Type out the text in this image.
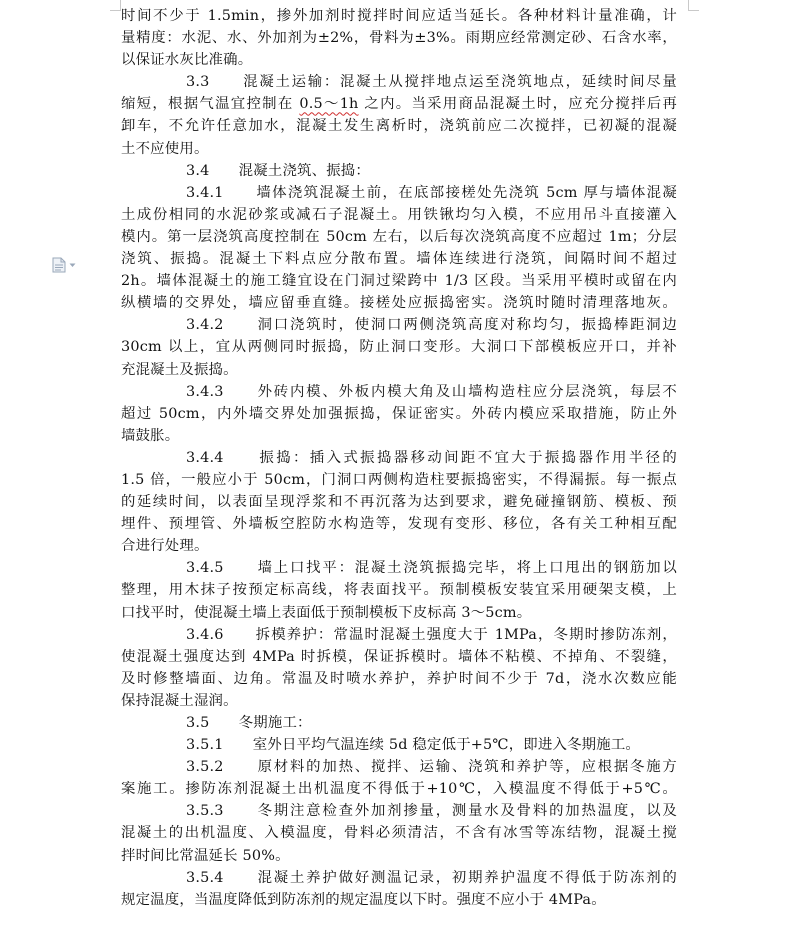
时间不少于 1.5min，掺外加剂时搅拌时间应适当延长。各种材料计量准确，计
量精度：水泥、水、外加剂为±2%，骨料为±3%。雨期应经常测定砂、石含水率，
以保证水灰比准确。
3.3　　混凝土运输：混凝土从搅拌地点运至浇筑地点，延续时间尽量
缩短，根据气温宜控制在 0.5～1h 之内。当采用商品混凝土时，应充分搅拌后再
卸车，不允许任意加水，混凝土发生离析时，浇筑前应二次搅拌，已初凝的混凝
土不应使用。
3.4　　混凝土浇筑、振捣：
3.4.1　　墙体浇筑混凝土前，在底部接槎处先浇筑 5cm 厚与墙体混凝
土成份相同的水泥砂浆或减石子混凝土。用铁锹均匀入模，不应用吊斗直接灌入
模内。第一层浇筑高度控制在 50cm 左右，以后每次浇筑高度不应超过 1m；分层
浇筑、振捣。混凝土下料点应分散布置。墙体连续进行浇筑，间隔时间不超过
2h。墙体混凝土的施工缝宜设在门洞过梁跨中 1/3 区段。当采用平模时或留在内
纵横墙的交界处，墙应留垂直缝。接槎处应振捣密实。浇筑时随时清理落地灰。
3.4.2　　洞口浇筑时，使洞口两侧浇筑高度对称均匀，振捣棒距洞边
30cm 以上，宜从两侧同时振捣，防止洞口变形。大洞口下部模板应开口，并补
充混凝土及振捣。
3.4.3　　外砖内模、外板内模大角及山墙构造柱应分层浇筑，每层不
超过 50cm，内外墙交界处加强振捣，保证密实。外砖内模应采取措施，防止外
墙鼓胀。
3.4.4　　振捣：插入式振捣器移动间距不宜大于振捣器作用半径的
1.5 倍，一般应小于 50cm，门洞口两侧构造柱要振捣密实，不得漏振。每一振点
的延续时间，以表面呈现浮浆和不再沉落为达到要求，避免碰撞钢筋、模板、预
埋件、预埋管、外墙板空腔防水构造等，发现有变形、移位，各有关工种相互配
合进行处理。
3.4.5　　墙上口找平：混凝土浇筑振捣完毕，将上口甩出的钢筋加以
整理，用木抹子按预定标高线，将表面找平。预制模板安装宜采用硬架支模，上
口找平时，使混凝土墙上表面低于预制模板下皮标高 3～5cm。
3.4.6　　拆模养护：常温时混凝土强度大于 1MPa，冬期时掺防冻剂，
使混凝土强度达到 4MPa 时拆模，保证拆模时。墙体不粘模、不掉角、不裂缝，
及时修整墙面、边角。常温及时喷水养护，养护时间不少于 7d，浇水次数应能
保持混凝土湿润。
3.5　　冬期施工：
3.5.1　　室外日平均气温连续 5d 稳定低于+5℃，即进入冬期施工。
3.5.2　　原材料的加热、搅拌、运输、浇筑和养护等，应根据冬施方
案施工。掺防冻剂混凝土出机温度不得低于+10℃，入模温度不得低于+5℃。
3.5.3　　冬期注意检查外加剂掺量，测量水及骨料的加热温度，以及
混凝土的出机温度、入模温度，骨料必须清洁，不含有冰雪等冻结物，混凝土搅
拌时间比常温延长 50%。
3.5.4　　混凝土养护做好测温记录，初期养护温度不得低于防冻剂的
规定温度，当温度降低到防冻剂的规定温度以下时。强度不应小于 4MPa。
